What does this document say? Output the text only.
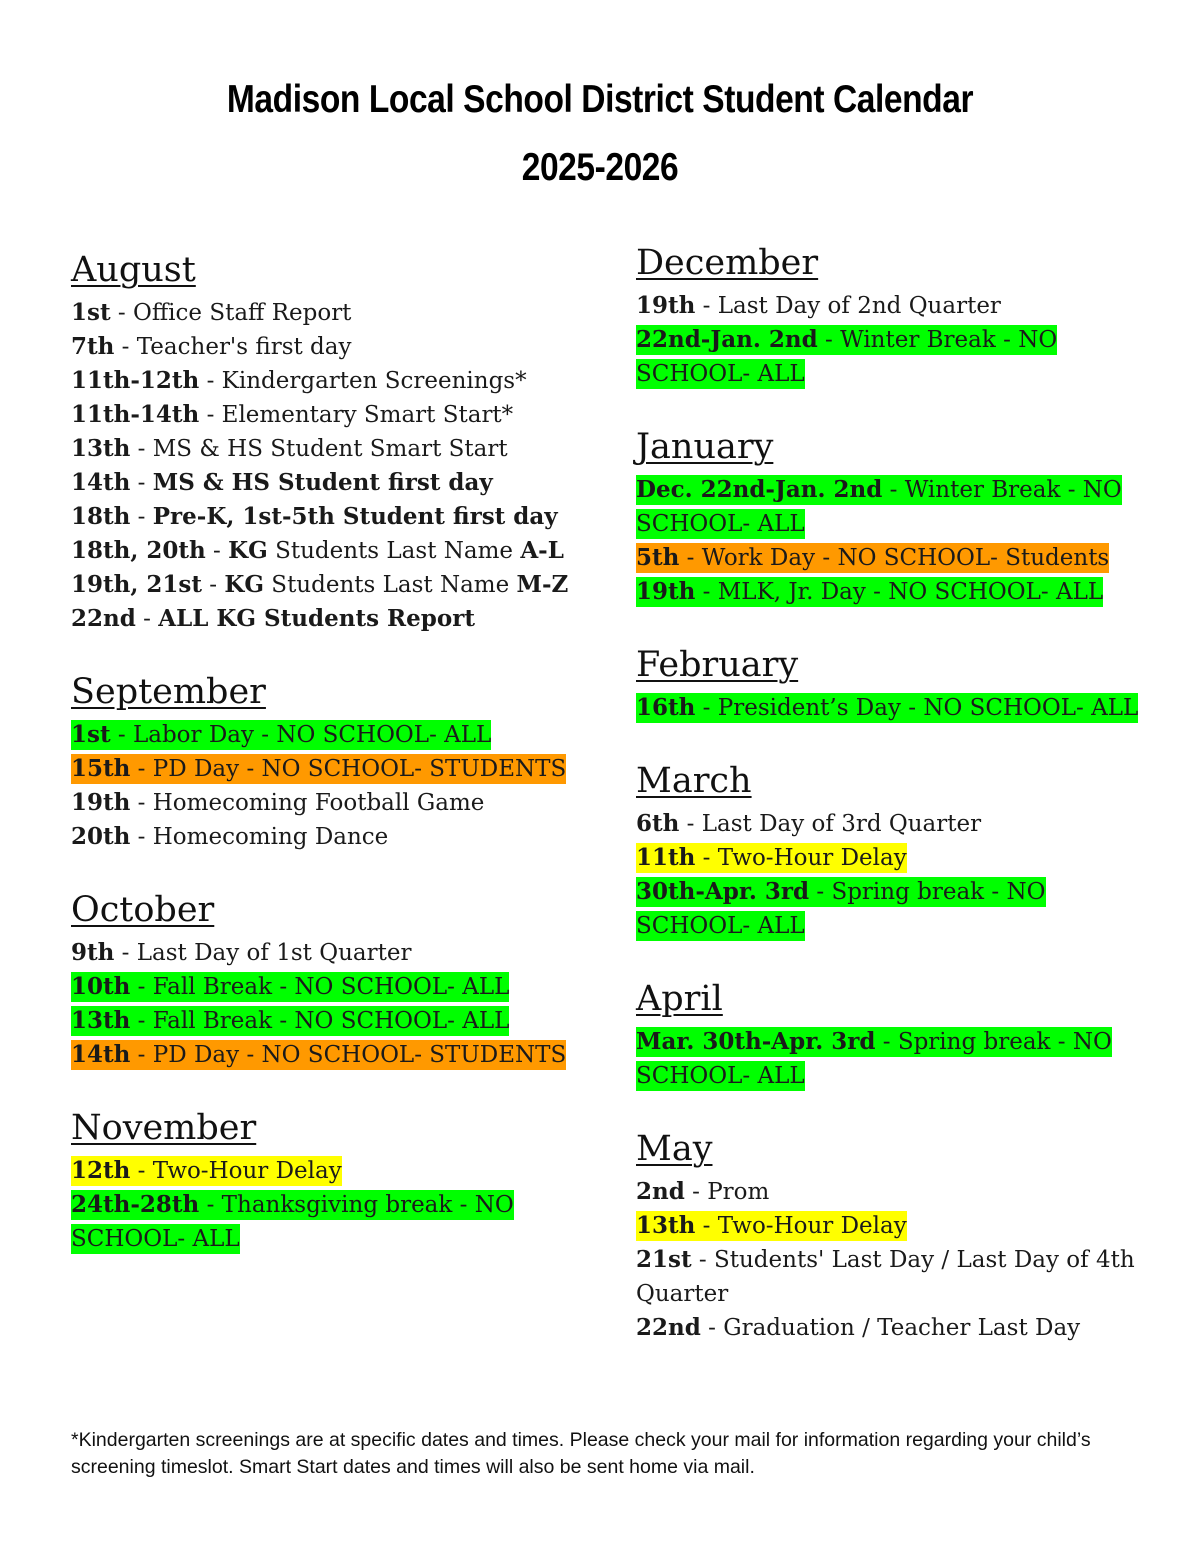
Madison Local School District Student Calendar
2025-2026
August

1st - Office Staff Report

7th - Teacher's first day

11th-12th - Kindergarten Screenings*

11th-14th - Elementary Smart Start*

13th - MS & HS Student Smart Start

14th - MS & HS Student first day

18th - Pre-K, 1st-5th Student first day

18th, 20th - KG Students Last Name A-L

19th, 21st - KG Students Last Name M-Z

22nd - ALL KG Students Report

September

1st - Labor Day - NO SCHOOL- ALL

15th - PD Day - NO SCHOOL- STUDENTS

19th - Homecoming Football Game

20th - Homecoming Dance

October

9th - Last Day of 1st Quarter

10th - Fall Break - NO SCHOOL- ALL

13th - Fall Break - NO SCHOOL- ALL

14th - PD Day - NO SCHOOL- STUDENTS

November

12th - Two-Hour Delay

24th-28th - Thanksgiving break - NO SCHOOL- ALL

December

19th - Last Day of 2nd Quarter

22nd-Jan. 2nd - Winter Break - NO SCHOOL- ALL

January

Dec. 22nd-Jan. 2nd - Winter Break - NO SCHOOL- ALL

5th - Work Day - NO SCHOOL- Students

19th - MLK, Jr. Day - NO SCHOOL- ALL

February

16th - President’s Day - NO SCHOOL- ALL

March

6th - Last Day of 3rd Quarter

11th - Two-Hour Delay

30th-Apr. 3rd - Spring break - NO SCHOOL- ALL

April

Mar. 30th-Apr. 3rd - Spring break - NO SCHOOL- ALL

May

2nd - Prom

13th - Two-Hour Delay

21st - Students' Last Day / Last Day of 4th Quarter

22nd - Graduation / Teacher Last Day

*Kindergarten screenings are at specific dates and times. Please check your mail for information regarding your child’s screening timeslot. Smart Start dates and times will also be sent home via mail.
